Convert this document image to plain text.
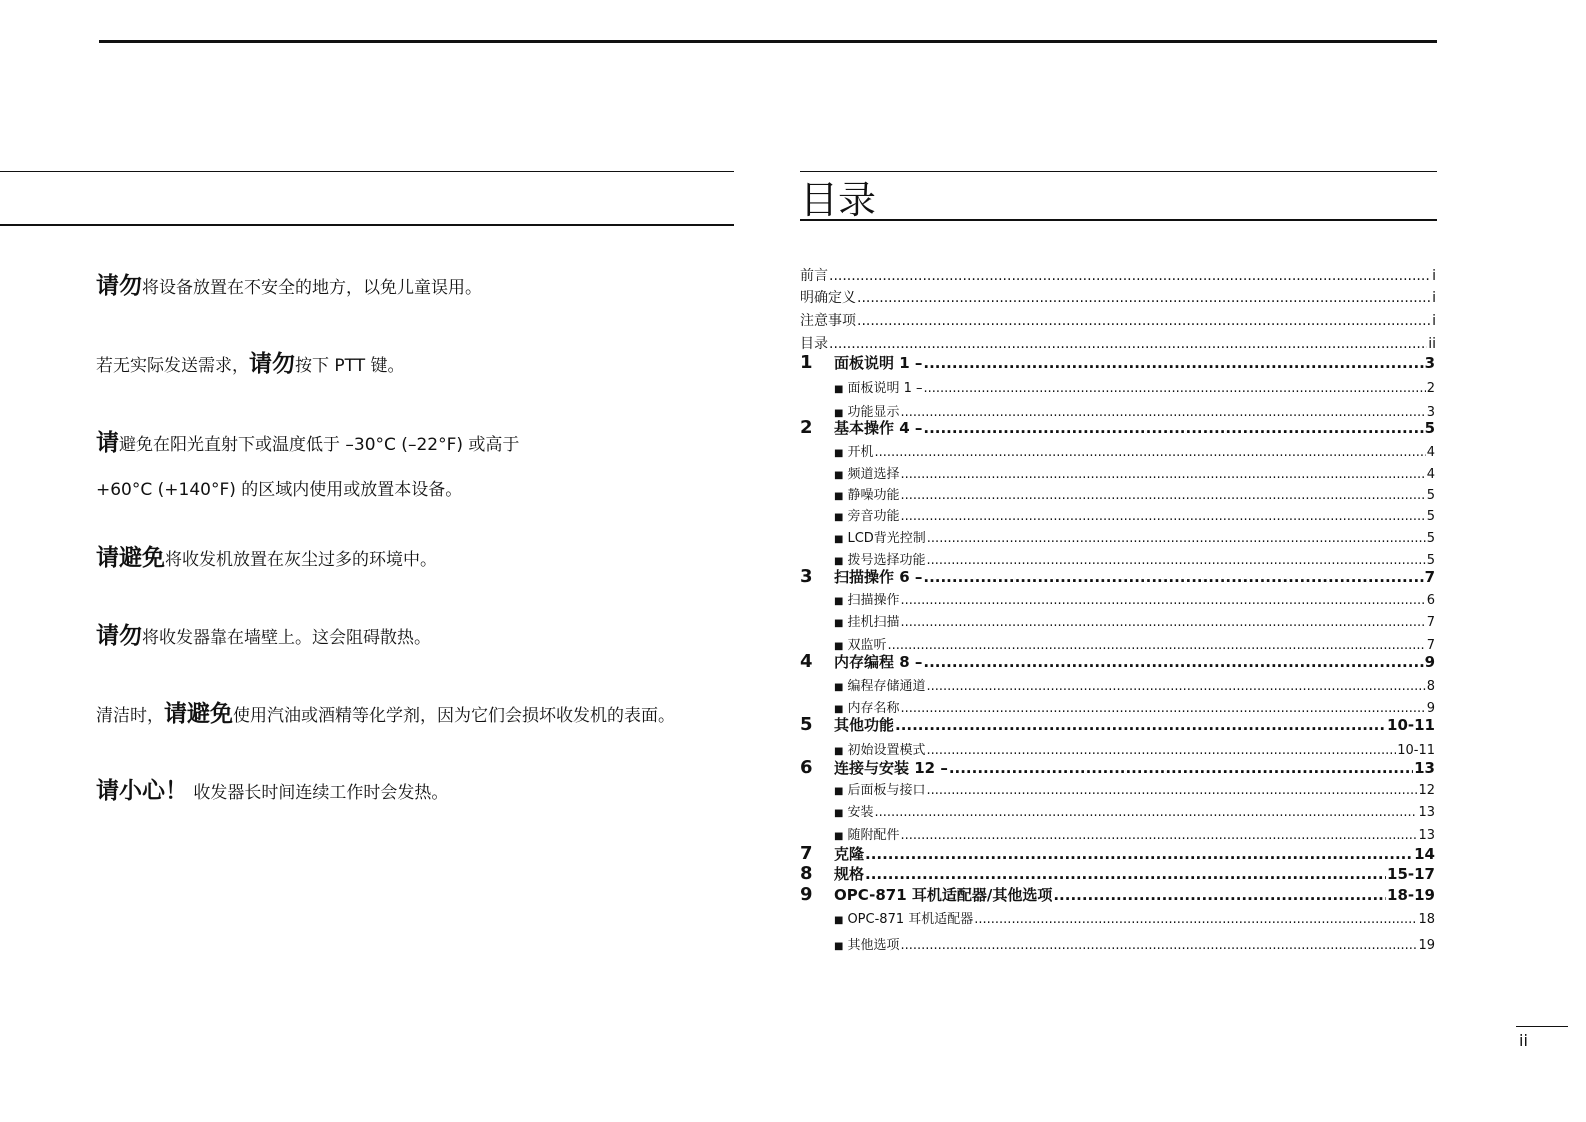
请勿将设备放置在不安全的地方，以免儿童误用。
若无实际发送需求，请勿按下 PTT 键。
请避免在阳光直射下或温度低于 –30°C (–22°F) 或高于
+60°C (+140°F) 的区域内使用或放置本设备。
请避免将收发机放置在灰尘过多的环境中。
请勿将收发器靠在墙壁上。这会阻碍散热。
清洁时，请避免使用汽油或酒精等化学剂，因为它们会损坏收发机的表面。
请小心！ 收发器长时间连续工作时会发热。
目录
前言 .....	i
明确定义 .....	i
注意事项 .....	i
目录 .....	ii
1	面板说明 1 – .....	3
■ 面板说明 1 – .....	2
■ 功能显示 .....	3
2	基本操作 4 – .....	5
■ 开机 .....	4
■ 频道选择 .....	4
■ 静噪功能 .....	5
■ 旁音功能 .....	5
■ LCD背光控制 .....	5
■ 拨号选择功能 .....	5
3	扫描操作 6 – .....	7
■ 扫描操作 .....	6
■ 挂机扫描 .....	7
■ 双监听 .....	7
4	内存编程 8 – .....	9
■ 编程存储通道 .....	8
■ 内存名称 .....	9
5	其他功能 .....	10-11
■ 初始设置模式 .....	10-11
6	连接与安装 12 – .....	13
■ 后面板与接口 .....	12
■ 安装 .....	13
■ 随附配件 .....	13
7	克隆 .....	14
8	规格 .....	15-17
9	OPC-871 耳机适配器/其他选项 .....	18-19
■ OPC-871 耳机适配器 .....	18
■ 其他选项 .....	19
ii
